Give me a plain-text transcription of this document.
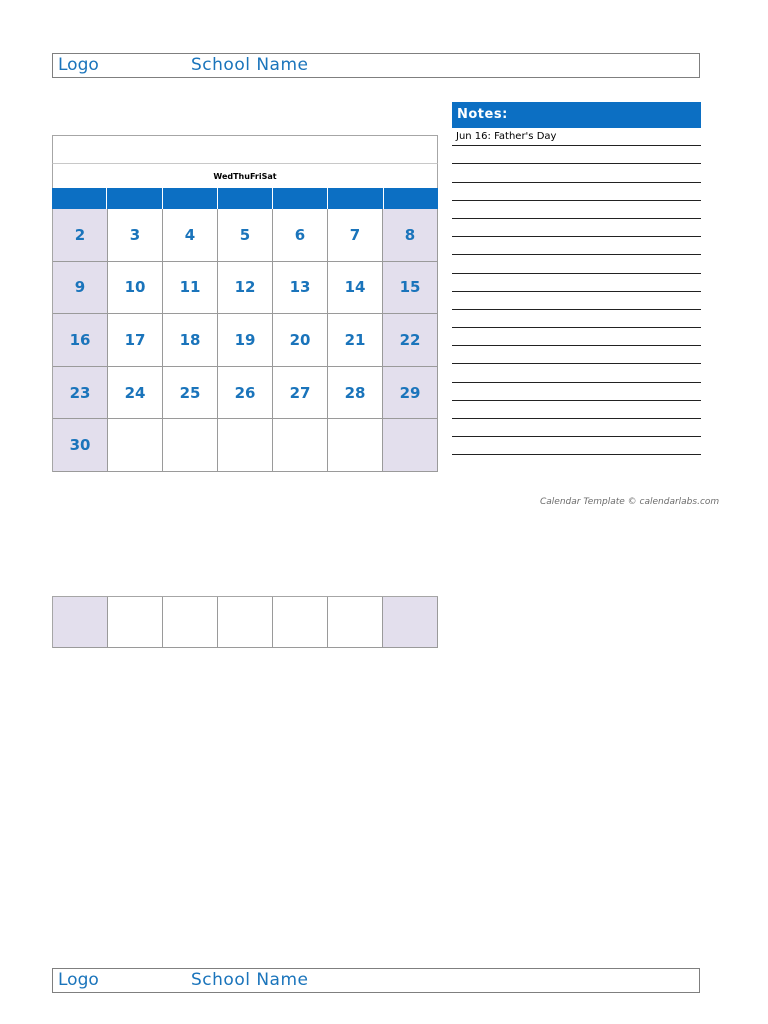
Logo	School Name
WedThuFriSat
2	3	4	5	6	7	8
9	10	11	12	13	14	15
16	17	18	19	20	21	22
23	24	25	26	27	28	29
30
Notes:
Jun 16: Father's Day
Calendar Template © calendarlabs.com
Logo	School Name
